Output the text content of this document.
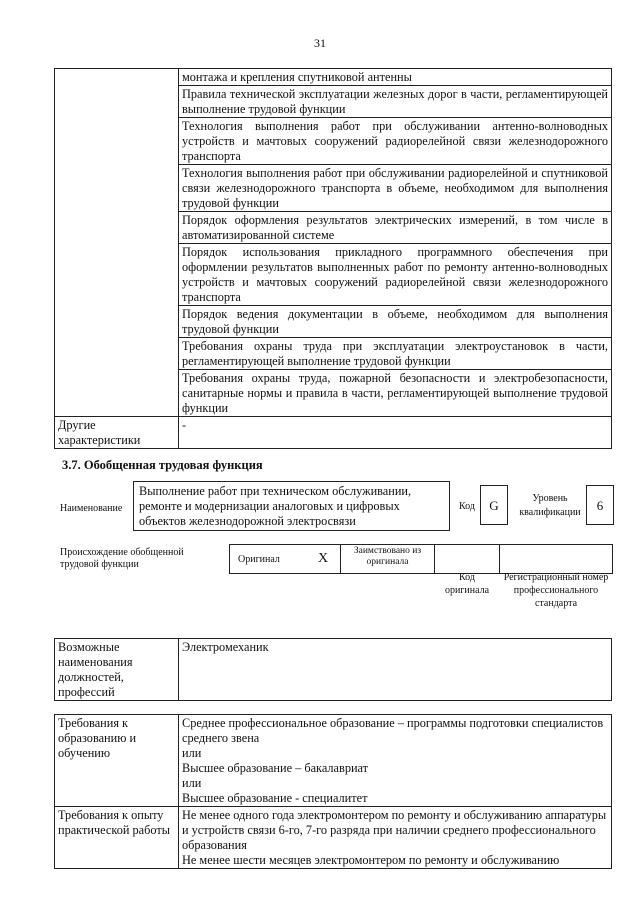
31
	монтажа и крепления спутниковой антенны
	Правила технической эксплуатации железных дорог в части, регламентирующей выполнение трудовой функции
	Технология выполнения работ при обслуживании антенно-волноводных устройств и мачтовых сооружений радиорелейной связи железнодорожного транспорта
	Технология выполнения работ при обслуживании радиорелейной и спутниковой связи железнодорожного транспорта в объеме, необходимом для выполнения трудовой функции
	Порядок оформления результатов электрических измерений, в том числе в автоматизированной системе
	Порядок использования прикладного программного обеспечения при оформлении результатов выполненных работ по ремонту антенно-волноводных устройств и мачтовых сооружений радиорелейной связи железнодорожного транспорта
	Порядок ведения документации в объеме, необходимом для выполнения трудовой функции
	Требования охраны труда при эксплуатации электроустановок в части, регламентирующей выполнение трудовой функции
	Требования охраны труда, пожарной безопасности и электробезопасности, санитарные нормы и правила в части, регламентирующей выполнение трудовой функции
Другие характеристики	-
3.7. Обобщенная трудовая функция
Наименование
Выполнение работ при техническом обслуживании, ремонте и модернизации аналоговых и цифровых объектов железнодорожной электросвязи
Код	G	Уровень квалификации	6
Происхождение обобщенной трудовой функции	Оригинал	X	Заимствовано из оригинала
Код оригинала
Регистрационный номер профессионального стандарта
Возможные наименования должностей, профессий	Электромеханик
Требования к образованию и обучению	Среднее профессиональное образование – программы подготовки специалистов среднего звена
или
Высшее образование – бакалавриат
или
Высшее образование - специалитет

Требования к опыту практической работы	Не менее одного года электромонтером по ремонту и обслуживанию аппаратуры и устройств связи 6-го, 7-го разряда при наличии среднего профессионального образования
Не менее шести месяцев электромонтером по ремонту и обслуживанию
